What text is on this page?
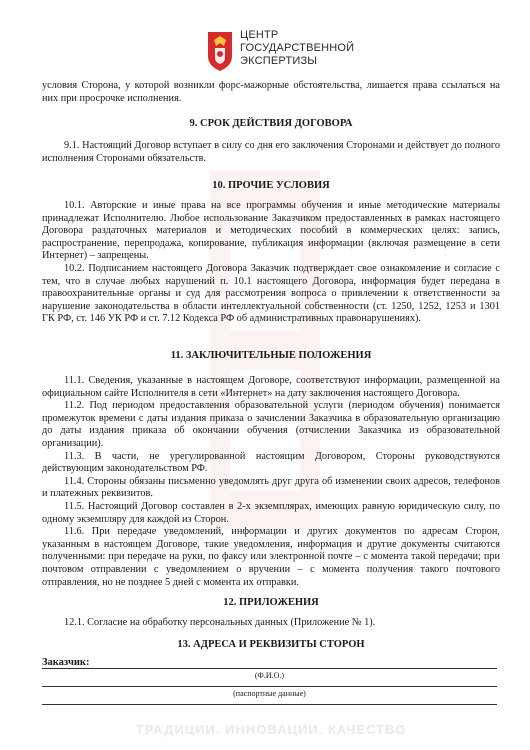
ЦЕНТР
ГОСУДАРСТВЕННОЙ
ЭКСПЕРТИЗЫ

условия Сторона, у которой возникли форс-мажорные обстоятельства, лишается права ссылаться на них при просрочке исполнения.

9. СРОК ДЕЙСТВИЯ ДОГОВОРА

9.1. Настоящий Договор вступает в силу со дня его заключения Сторонами и действует до полного исполнения Сторонами обязательств.

10. ПРОЧИЕ УСЛОВИЯ

10.1. Авторские и иные права на все программы обучения и иные методические материалы принадлежат Исполнителю. Любое использование Заказчиком предоставленных в рамках настоящего Договора раздаточных материалов и методических пособий в коммерческих целях: запись, распространение, перепродажа, копирование, публикация информации (включая размещение в сети Интернет) – запрещены.

10.2. Подписанием настоящего Договора Заказчик подтверждает свое ознакомление и согласие с тем, что в случае любых нарушений п. 10.1 настоящего Договора, информация будет передана в правоохранительные органы и суд для рассмотрения вопроса о привлечении к ответственности за нарушение законодательства в области интеллектуальной собственности (ст. 1250, 1252, 1253 и 1301 ГК РФ, ст. 146 УК РФ и ст. 7.12 Кодекса РФ об административных правонарушениях).

11. ЗАКЛЮЧИТЕЛЬНЫЕ ПОЛОЖЕНИЯ

11.1. Сведения, указанные в настоящем Договоре, соответствуют информации, размещенной на официальном сайте Исполнителя в сети «Интернет» на дату заключения настоящего Договора.

11.2. Под периодом предоставления образовательной услуги (периодом обучения) понимается промежуток времени с даты издания приказа о зачислении Заказчика в образовательную организацию до даты издания приказа об окончании обучения (отчислении Заказчика из образовательной организации).

11.3. В части, не урегулированной настоящим Договором, Стороны руководствуются действующим законодательством РФ.

11.4. Стороны обязаны письменно уведомлять друг друга об изменении своих адресов, телефонов и платежных реквизитов.

11.5. Настоящий Договор составлен в 2-х экземплярах, имеющих равную юридическую силу, по одному экземпляру для каждой из Сторон.

11.6. При передаче уведомлений, информации и других документов по адресам Сторон, указанным в настоящем Договоре, такие уведомления, информация и другие документы считаются полученными: при передаче на руки, по факсу или электронной почте – с момента такой передачи; при почтовом отправлении с уведомлением о вручении – с момента получения такого почтового отправления, но не позднее 5 дней с момента их отправки.

12. ПРИЛОЖЕНИЯ

12.1. Согласие на обработку персональных данных (Приложение № 1).

13. АДРЕСА И РЕКВИЗИТЫ СТОРОН
Заказчик:
(Ф.И.О.)
(паспортные данные)
ТРАДИЦИИ. ИННОВАЦИИ. КАЧЕСТВО
